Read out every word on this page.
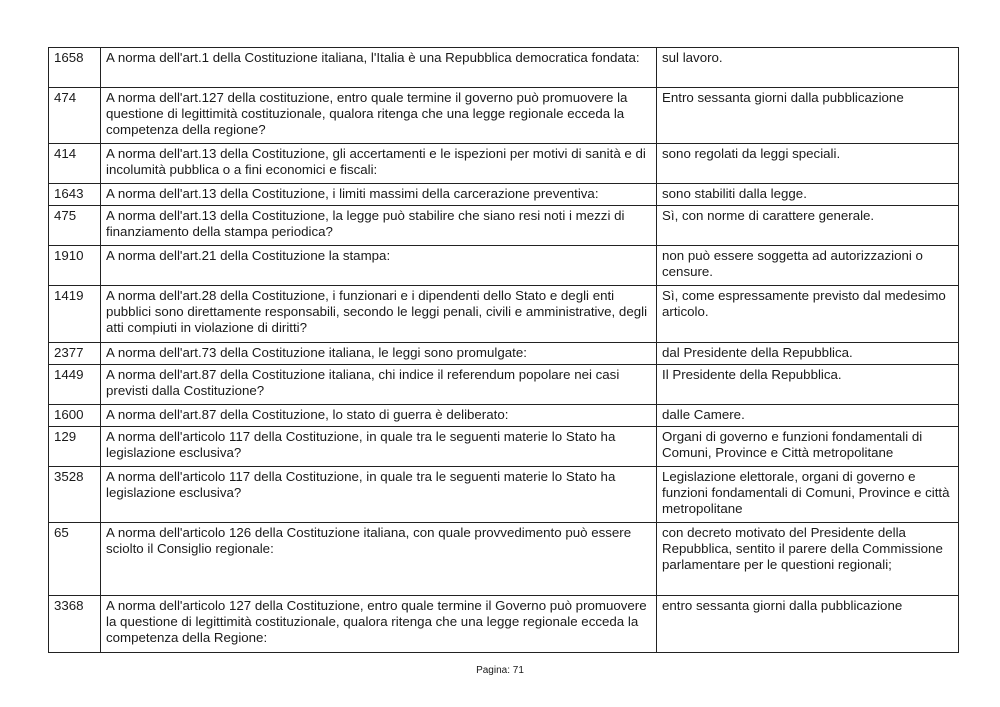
1658	A norma dell'art.1 della Costituzione italiana, l'Italia è una Repubblica democratica fondata:	sul lavoro.
474	A norma dell'art.127 della costituzione, entro quale termine il governo può promuovere la questione di legittimità costituzionale, qualora ritenga che una legge regionale ecceda la competenza della regione?	Entro sessanta giorni dalla pubblicazione
414	A norma dell'art.13 della Costituzione, gli accertamenti e le ispezioni per motivi di sanità e di incolumità pubblica o a fini economici e fiscali:	sono regolati da leggi speciali.
1643	A norma dell'art.13 della Costituzione, i limiti massimi della carcerazione preventiva:	sono stabiliti dalla legge.
475	A norma dell'art.13 della Costituzione, la legge può stabilire che siano resi noti i mezzi di finanziamento della stampa periodica?	Sì, con norme di carattere generale.
1910	A norma dell'art.21 della Costituzione la stampa:	non può essere soggetta ad autorizzazioni o censure.
1419	A norma dell'art.28 della Costituzione, i funzionari e i dipendenti dello Stato e degli enti pubblici sono direttamente responsabili, secondo le leggi penali, civili e amministrative, degli atti compiuti in violazione di diritti?	Sì, come espressamente previsto dal medesimo articolo.
2377	A norma dell'art.73 della Costituzione italiana, le leggi sono promulgate:	dal Presidente della Repubblica.
1449	A norma dell'art.87 della Costituzione italiana, chi indice il referendum popolare nei casi previsti dalla Costituzione?	Il Presidente della Repubblica.
1600	A norma dell'art.87 della Costituzione, lo stato di guerra è deliberato:	dalle Camere.
129	A norma dell'articolo 117 della Costituzione, in quale tra le seguenti materie lo Stato ha legislazione esclusiva?	Organi di governo e funzioni fondamentali di Comuni, Province e Città metropolitane
3528	A norma dell'articolo 117 della Costituzione, in quale tra le seguenti materie lo Stato ha legislazione esclusiva?	Legislazione elettorale, organi di governo e funzioni fondamentali di Comuni, Province e città metropolitane
65	A norma dell'articolo 126 della Costituzione italiana, con quale provvedimento può essere sciolto il Consiglio regionale:	con decreto motivato del Presidente della Repubblica, sentito il parere della Commissione parlamentare per le questioni regionali;
3368	A norma dell'articolo 127 della Costituzione, entro quale termine il Governo può promuovere la questione di legittimità costituzionale, qualora ritenga che una legge regionale ecceda la competenza della Regione:	entro sessanta giorni dalla pubblicazione
Pagina: 71
